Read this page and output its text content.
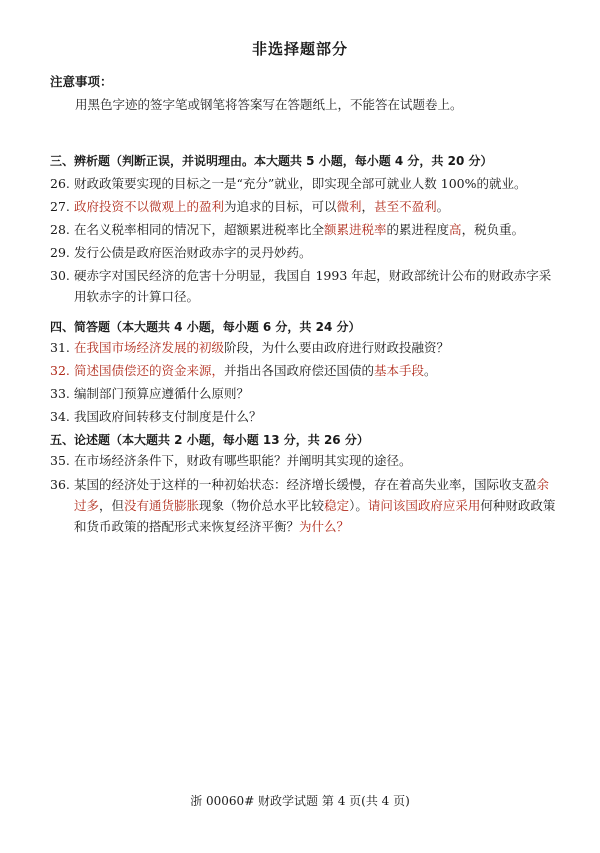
非选择题部分
注意事项：
用黑色字迹的签字笔或钢笔将答案写在答题纸上，不能答在试题卷上。
三、辨析题（判断正误，并说明理由。本大题共 5 小题，每小题 4 分，共 20 分）
26. 财政政策要实现的目标之一是“充分”就业，即实现全部可就业人数 100%的就业。
27. 政府投资不以微观上的盈利为追求的目标，可以微利，甚至不盈利。
28. 在名义税率相同的情况下，超额累进税率比全额累进税率的累进程度高，税负重。
29. 发行公债是政府医治财政赤字的灵丹妙药。
30. 硬赤字对国民经济的危害十分明显，我国自 1993 年起，财政部统计公布的财政赤字采用软赤字的计算口径。
四、简答题（本大题共 4 小题，每小题 6 分，共 24 分）
31. 在我国市场经济发展的初级阶段，为什么要由政府进行财政投融资？
32. 简述国债偿还的资金来源，并指出各国政府偿还国债的基本手段。
33. 编制部门预算应遵循什么原则？
34. 我国政府间转移支付制度是什么？
五、论述题（本大题共 2 小题，每小题 13 分，共 26 分）
35. 在市场经济条件下，财政有哪些职能？并阐明其实现的途径。
36. 某国的经济处于这样的一种初始状态：经济增长缓慢，存在着高失业率，国际收支盈余过多，但没有通货膨胀现象（物价总水平比较稳定）。请问该国政府应采用何种财政政策和货币政策的搭配形式来恢复经济平衡？为什么？
浙 00060# 财政学试题 第 4 页(共 4 页)
